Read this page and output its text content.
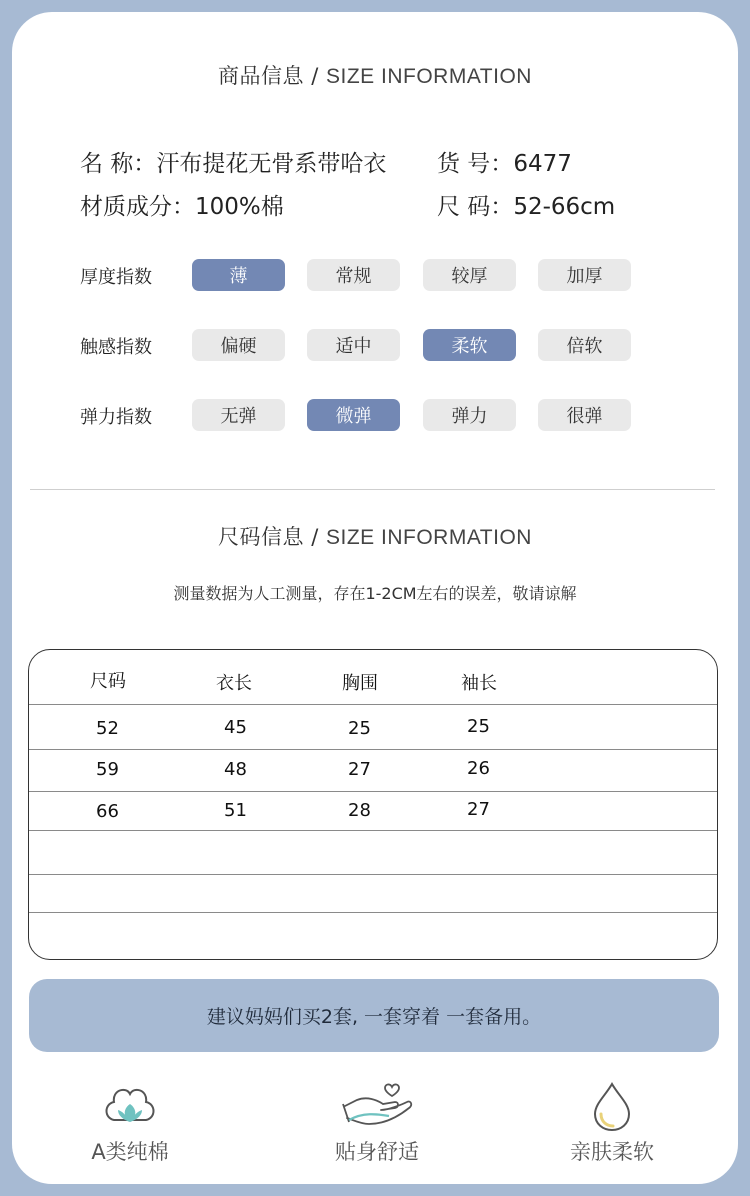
商品信息 / SIZE INFORMATION
名 称：汗布提花无骨系带哈衣 货 号：6477
材质成分：100%棉	尺 码：52-66cm
厚度指数	薄	常规	较厚	加厚
触感指数	偏硬	适中	柔软	倍软
弹力指数	无弹	微弹	弹力	很弹
尺码信息 / SIZE INFORMATION
测量数据为人工测量，存在1-2CM左右的误差，敬请谅解
尺码	衣长	胸围	袖长
52	45	25	25
59	48	27	26
66	51	28	27
建议妈妈们买2套, 一套穿着 一套备用。
A类纯棉	贴身舒适	亲肤柔软
